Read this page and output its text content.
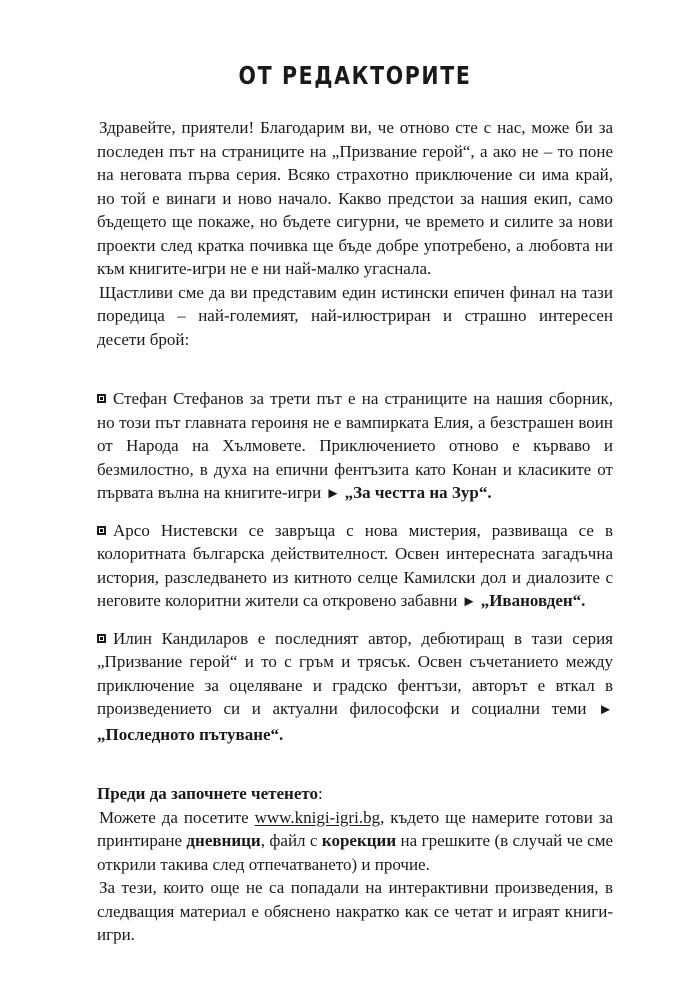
ОТ РЕДАКТОРИТЕ

Здравейте, приятели! Благодарим ви, че отново сте с нас, може би за последен път на страниците на „Призвание герой“, а ако не – то поне на неговата първа серия. Всяко страхотно приключение си има край, но той е винаги и ново начало. Какво предстои за нашия екип, само бъдещето ще покаже, но бъдете сигурни, че времето и силите за нови проекти след кратка почивка ще бъде добре употребено, а любовта ни към книгите-игри не е ни най-малко угаснала.

Щастливи сме да ви представим един истински епичен финал на тази поредица – най-големият, най-илюстриран и страшно интересен десети брой:

Стефан Стефанов за трети път е на страниците на нашия сборник, но този път главната героиня не е вампирката Елия, а безстрашен воин от Народа на Хълмовете. Приключението отново е кърваво и безмилостно, в духа на епични фентъзита като Конан и класиките от първата вълна на книгите-игри ► „За честта на Зур“.

Арсо Нистевски се завръща с нова мистерия, развиваща се в колоритната българска действителност. Освен интересната загадъчна история, разследването из китното селце Камилски дол и диалозите с неговите колоритни жители са откровено забавни ► „Ивановден“.

Илин Кандиларов е последният автор, дебютиращ в тази серия „Призвание герой“ и то с гръм и трясък. Освен съчетанието между приключение за оцеляване и градско фентъзи, авторът е вткал в произведението си и актуални философски и социални теми ► „Последното пътуване“.

Преди да започнете четенето:

Можете да посетите www.knigi-igri.bg, където ще намерите готови за принтиране дневници, файл с корекции на грешките (в случай че сме открили такива след отпечатването) и прочие.

За тези, които още не са попадали на интерактивни произведения, в следващия материал е обяснено накратко как се четат и играят книги-игри.
